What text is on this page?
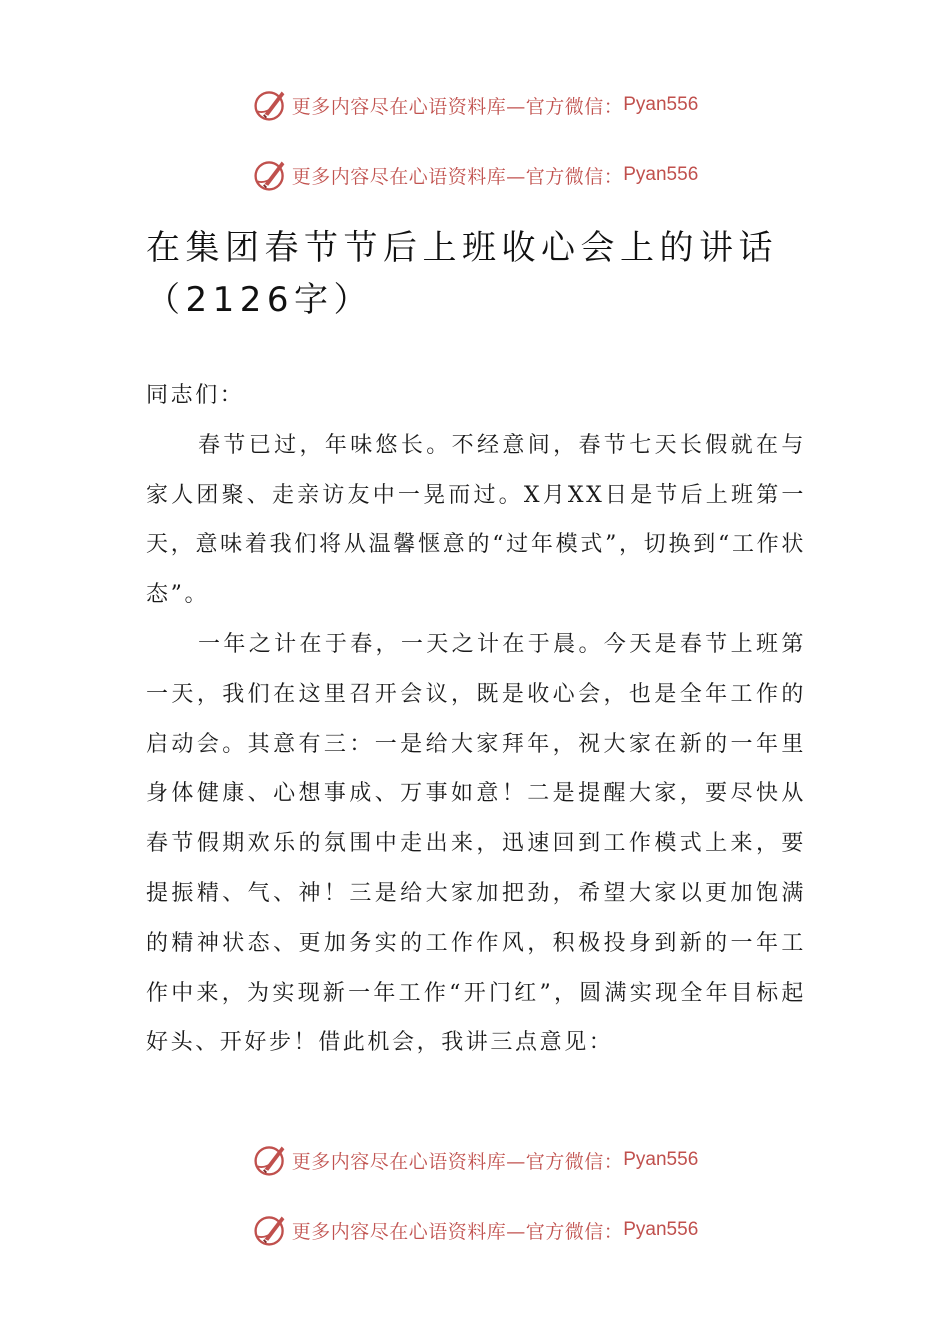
更多内容尽在心语资料库—官方微信： Pyan556
更多内容尽在心语资料库—官方微信： Pyan556
在集团春节节后上班收心会上的讲话（2126字）

同志们：

春节已过，年味悠长。不经意间，春节七天长假就在与家人团聚、走亲访友中一晃而过。X月XX日是节后上班第一天，意味着我们将从温馨惬意的“过年模式”，切换到“工作状态”。

一年之计在于春，一天之计在于晨。今天是春节上班第一天，我们在这里召开会议，既是收心会，也是全年工作的启动会。其意有三：一是给大家拜年，祝大家在新的一年里身体健康、心想事成、万事如意！二是提醒大家，要尽快从春节假期欢乐的氛围中走出来，迅速回到工作模式上来，要提振精、气、神！三是给大家加把劲，希望大家以更加饱满的精神状态、更加务实的工作作风，积极投身到新的一年工作中来，为实现新一年工作“开门红”，圆满实现全年目标起好头、开好步！借此机会，我讲三点意见：

更多内容尽在心语资料库—官方微信： Pyan556
更多内容尽在心语资料库—官方微信： Pyan556
